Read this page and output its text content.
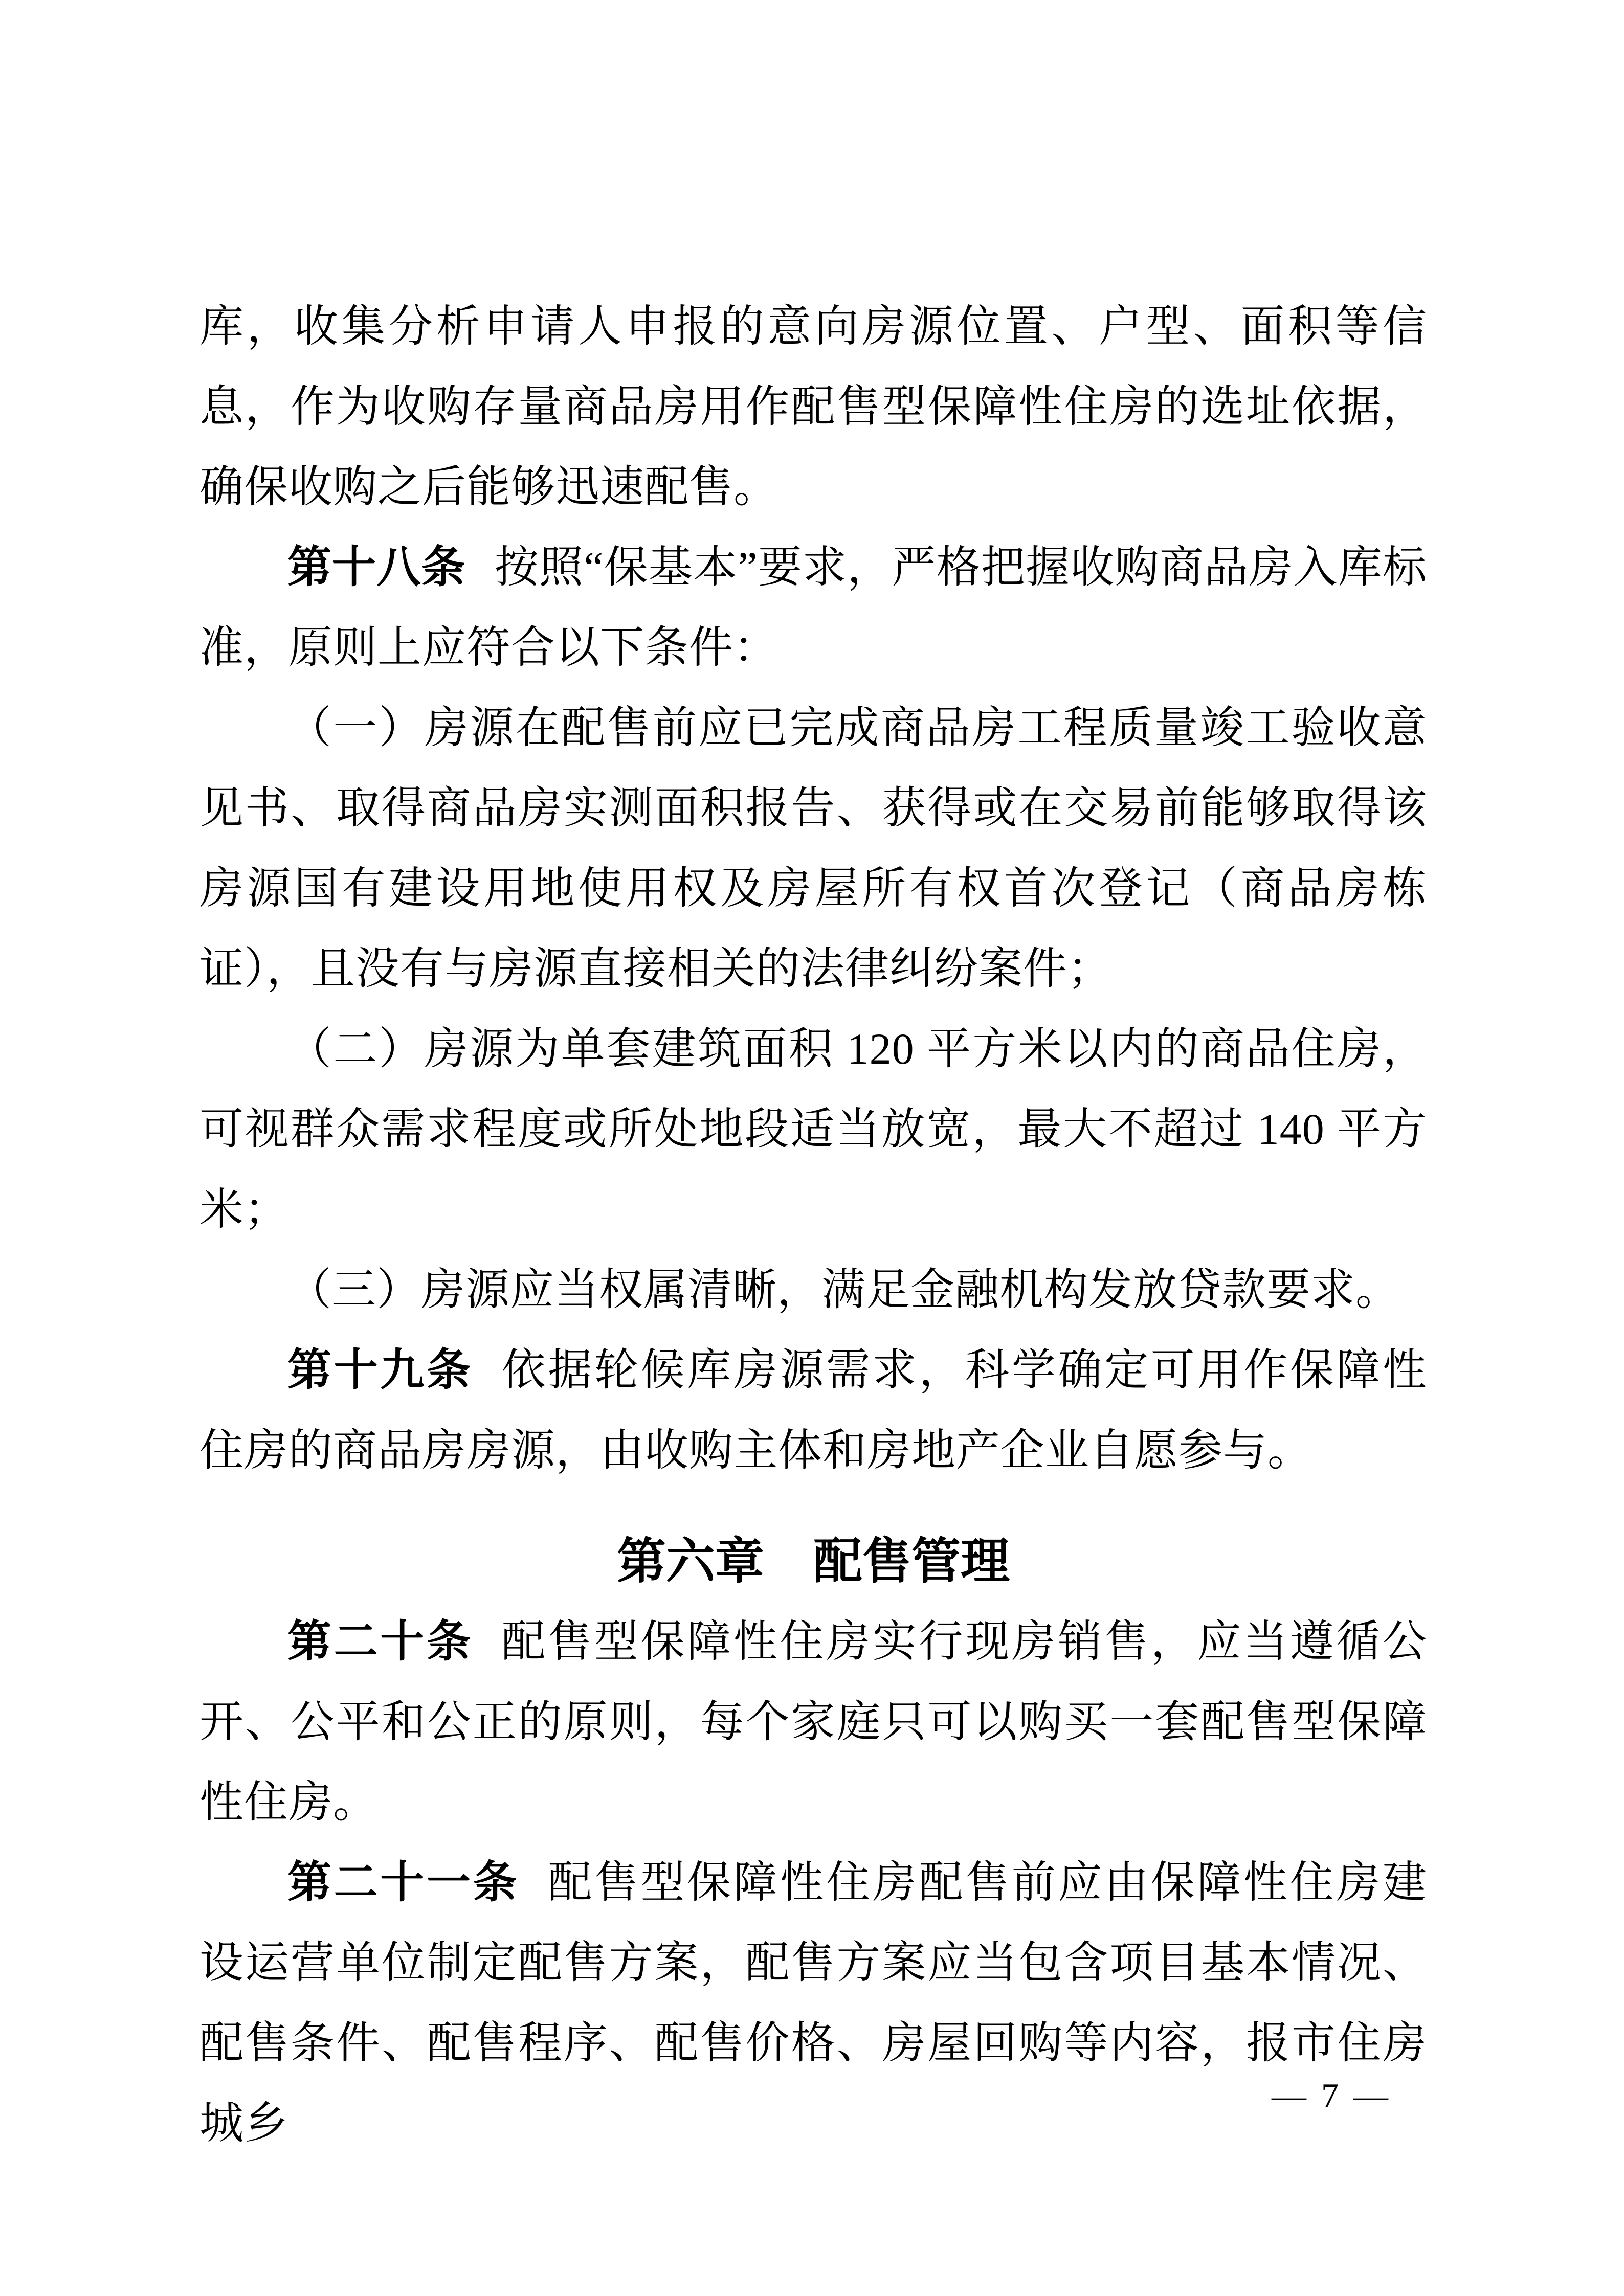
库，收集分析申请人申报的意向房源位置、户型、面积等信息，作为收购存量商品房用作配售型保障性住房的选址依据，确保收购之后能够迅速配售。

第十八条 按照“保基本”要求，严格把握收购商品房入库标准，原则上应符合以下条件：

（一）房源在配售前应已完成商品房工程质量竣工验收意见书、取得商品房实测面积报告、获得或在交易前能够取得该房源国有建设用地使用权及房屋所有权首次登记（商品房栋证），且没有与房源直接相关的法律纠纷案件；

（二）房源为单套建筑面积 120 平方米以内的商品住房，可视群众需求程度或所处地段适当放宽，最大不超过 140 平方米；

（三）房源应当权属清晰，满足金融机构发放贷款要求。

第十九条 依据轮候库房源需求，科学确定可用作保障性住房的商品房房源，由收购主体和房地产企业自愿参与。

第六章 配售管理

第二十条 配售型保障性住房实行现房销售，应当遵循公开、公平和公正的原则，每个家庭只可以购买一套配售型保障性住房。

第二十一条 配售型保障性住房配售前应由保障性住房建设运营单位制定配售方案，配售方案应当包含项目基本情况、配售条件、配售程序、配售价格、房屋回购等内容，报市住房城乡

— 7 —
